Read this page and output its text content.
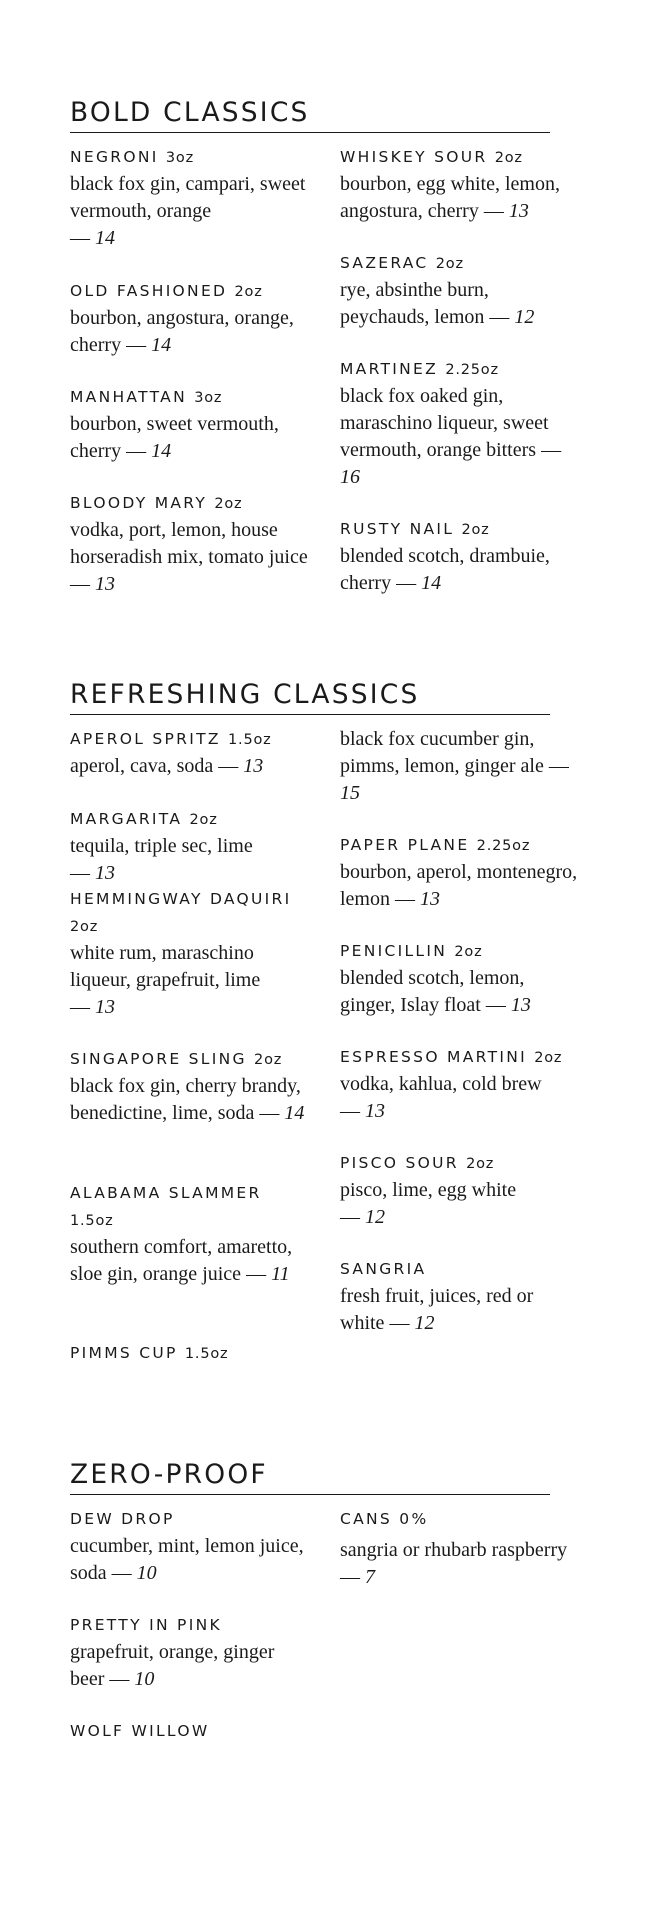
BOLD CLASSICS
NEGRONI 3oz
black fox gin, campari, sweet vermouth, orange
— 14
OLD FASHIONED 2oz
bourbon, angostura, orange, cherry — 14
MANHATTAN 3oz
bourbon, sweet vermouth, cherry — 14
BLOODY MARY 2oz
vodka, port, lemon, house horseradish mix, tomato juice — 13
WHISKEY SOUR 2oz
bourbon, egg white, lemon, angostura, cherry — 13
SAZERAC 2oz
rye, absinthe burn, peychauds, lemon — 12
MARTINEZ 2.25oz
black fox oaked gin, maraschino liqueur, sweet vermouth, orange bitters — 16
RUSTY NAIL 2oz
blended scotch, drambuie, cherry — 14
REFRESHING CLASSICS
APEROL SPRITZ 1.5oz
aperol, cava, soda — 13
MARGARITA 2oz
tequila, triple sec, lime
— 13
HEMMINGWAY DAQUIRI 2oz
white rum, maraschino liqueur, grapefruit, lime
— 13
SINGAPORE SLING 2oz
black fox gin, cherry brandy, benedictine, lime, soda — 14
ALABAMA SLAMMER 1.5oz
southern comfort, amaretto, sloe gin, orange juice — 11
PIMMS CUP 1.5oz
black fox cucumber gin, pimms, lemon, ginger ale — 15
PAPER PLANE 2.25oz
bourbon, aperol, montenegro, lemon — 13
PENICILLIN 2oz
blended scotch, lemon, ginger, Islay float — 13
ESPRESSO MARTINI 2oz
vodka, kahlua, cold brew
— 13
PISCO SOUR 2oz
pisco, lime, egg white
— 12
SANGRIA
fresh fruit, juices, red or white — 12
ZERO-PROOF
DEW DROP
cucumber, mint, lemon juice, soda — 10
PRETTY IN PINK
grapefruit, orange, ginger beer — 10
WOLF WILLOW
CANS 0%
sangria or rhubarb raspberry — 7
